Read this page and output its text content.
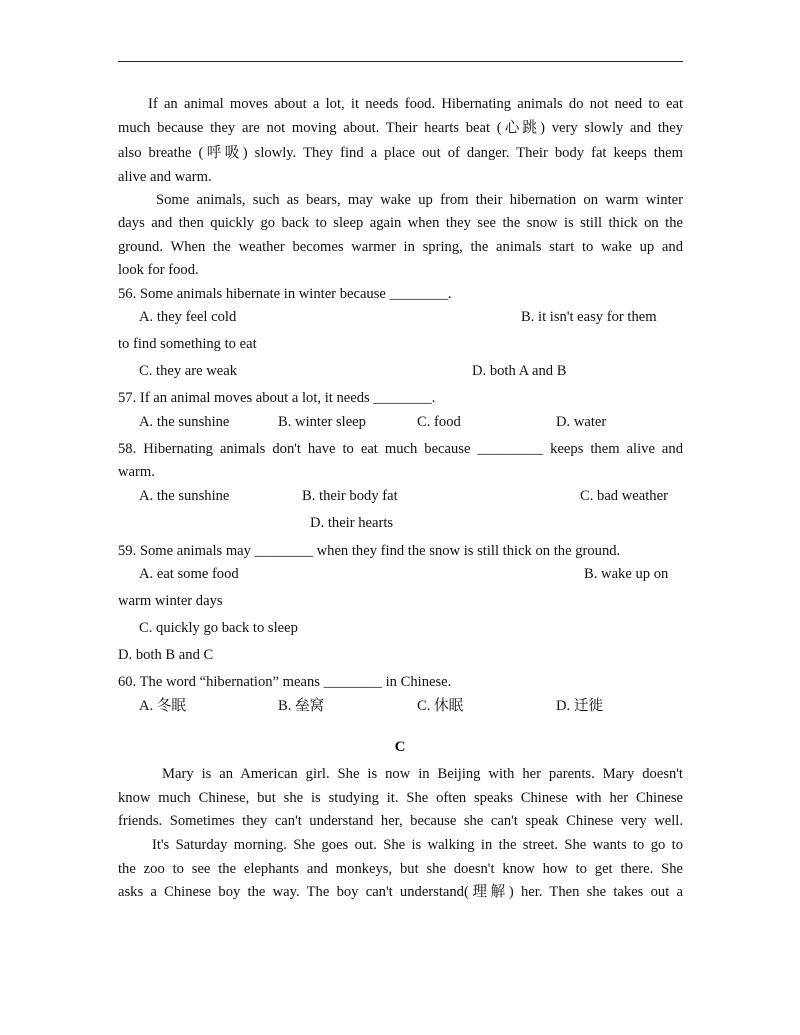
If an animal moves about a lot, it needs food. Hibernating animals do not need to eat
much because they are not moving about. Their hearts beat (心跳) very slowly and they
also breathe (呼吸) slowly. They find a place out of danger. Their body fat keeps them
alive and warm.
Some animals, such as bears, may wake up from their hibernation on warm winter
days and then quickly go back to sleep again when they see the snow is still thick on the
ground. When the weather becomes warmer in spring, the animals start to wake up and
look for food.
56. Some animals hibernate in winter because ________.
A. they feel cold	B. it isn't easy for them
to find something to eat
C. they are weak	D. both A and B
57. If an animal moves about a lot, it needs ________.
A. the sunshine	B. winter sleep	C. food	D. water
58. Hibernating animals don't have to eat much because _________ keeps them alive and
warm.
A. the sunshine	B. their body fat	C. bad weather
D. their hearts
59. Some animals may ________ when they find the snow is still thick on the ground.
A. eat some food	B. wake up on
warm winter days
C. quickly go back to sleep
D. both B and C
60. The word “hibernation” means ________ in Chinese.
A. 冬眠	B. 垒窝	C. 休眠	D. 迁徙
C
Mary is an American girl. She is now in Beijing with her parents. Mary doesn't
know much Chinese, but she is studying it. She often speaks Chinese with her Chinese
friends. Sometimes they can't understand her, because she can't speak Chinese very well.
It's Saturday morning. She goes out. She is walking in the street. She wants to go to
the zoo to see the elephants and monkeys, but she doesn't know how to get there. She
asks a Chinese boy the way. The boy can't understand(理解) her. Then she takes out a
